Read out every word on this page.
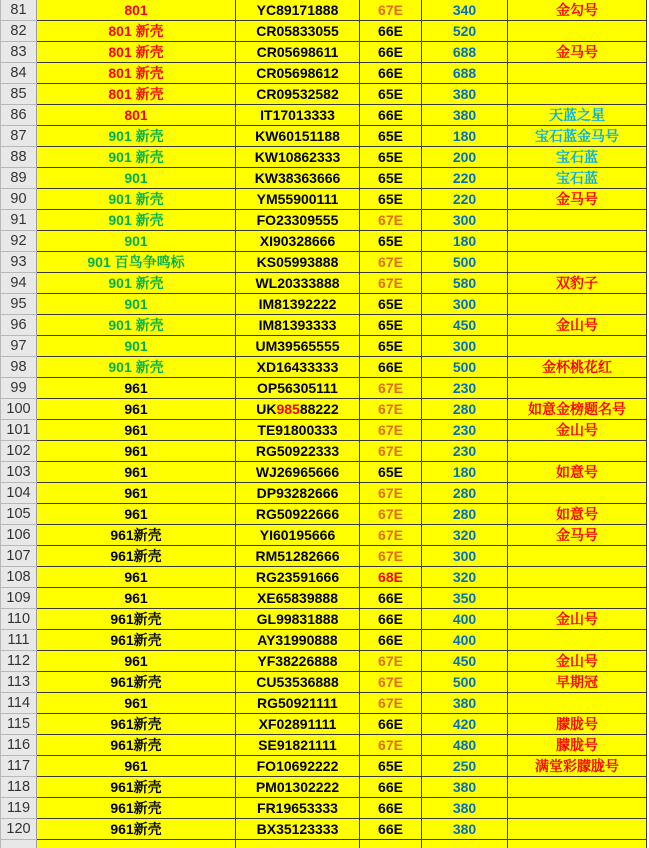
81	801	YC89171888	67E	340	金勾号
82	801 新壳	CR05833055	66E	520	
83	801 新壳	CR05698611	66E	688	金马号
84	801 新壳	CR05698612	66E	688	
85	801 新壳	CR09532582	65E	380	
86	801	IT17013333	66E	380	天蓝之星
87	901 新壳	KW60151188	65E	180	宝石蓝金马号
88	901 新壳	KW10862333	65E	200	宝石蓝
89	901	KW38363666	65E	220	宝石蓝
90	901 新壳	YM55900111	65E	220	金马号
91	901 新壳	FO23309555	67E	300	
92	901	XI90328666	65E	180	
93	901 百鸟争鸣标	KS05993888	67E	500	
94	901 新壳	WL20333888	67E	580	双豹子
95	901	IM81392222	65E	300	
96	901 新壳	IM81393333	65E	450	金山号
97	901	UM39565555	65E	300	
98	901 新壳	XD16433333	66E	500	金杯桃花红
99	961	OP56305111	67E	230	
100	961	UK98588222	67E	280	如意金榜题名号
101	961	TE91800333	67E	230	金山号
102	961	RG50922333	67E	230	
103	961	WJ26965666	65E	180	如意号
104	961	DP93282666	67E	280	
105	961	RG50922666	67E	280	如意号
106	961新壳	YI60195666	67E	320	金马号
107	961新壳	RM51282666	67E	300	
108	961	RG23591666	68E	320	
109	961	XE65839888	66E	350	
110	961新壳	GL99831888	66E	400	金山号
111	961新壳	AY31990888	66E	400	
112	961	YF38226888	67E	450	金山号
113	961新壳	CU53536888	67E	500	早期冠
114	961	RG50921111	67E	380	
115	961新壳	XF02891111	66E	420	朦胧号
116	961新壳	SE91821111	67E	480	朦胧号
117	961	FO10692222	65E	250	满堂彩朦胧号
118	961新壳	PM01302222	66E	380	
119	961新壳	FR19653333	66E	380	
120	961新壳	BX35123333	66E	380	
